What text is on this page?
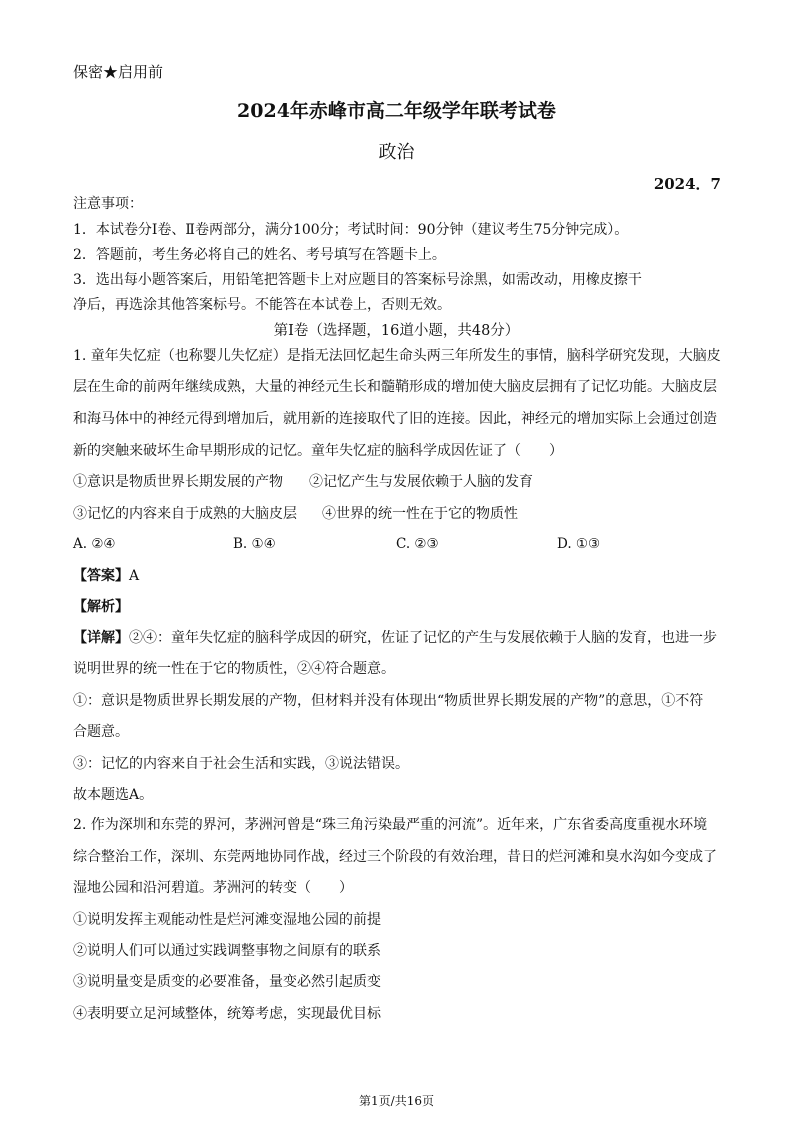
保密★启用前
2024年赤峰市高二年级学年联考试卷
政治
2024．7
注意事项：
1．本试卷分Ⅰ卷、Ⅱ卷两部分，满分100分；考试时间：90分钟（建议考生75分钟完成）。
2．答题前，考生务必将自己的姓名、考号填写在答题卡上。
3．选出每小题答案后，用铅笔把答题卡上对应题目的答案标号涂黑，如需改动，用橡皮擦干
净后，再选涂其他答案标号。不能答在本试卷上，否则无效。
第Ⅰ卷（选择题，16道小题，共48分）
1. 童年失忆症（也称婴儿失忆症）是指无法回忆起生命头两三年所发生的事情，脑科学研究发现，大脑皮
层在生命的前两年继续成熟，大量的神经元生长和髓鞘形成的增加使大脑皮层拥有了记忆功能。大脑皮层
和海马体中的神经元得到增加后，就用新的连接取代了旧的连接。因此，神经元的增加实际上会通过创造
新的突触来破坏生命早期形成的记忆。童年失忆症的脑科学成因佐证了（　　）
①意识是物质世界长期发展的产物 ②记忆产生与发展依赖于人脑的发育
③记忆的内容来自于成熟的大脑皮层 ④世界的统一性在于它的物质性
A. ②④	B. ①④	C. ②③	D. ①③
【答案】A
【解析】
【详解】②④：童年失忆症的脑科学成因的研究，佐证了记忆的产生与发展依赖于人脑的发育，也进一步
说明世界的统一性在于它的物质性，②④符合题意。
①：意识是物质世界长期发展的产物，但材料并没有体现出“物质世界长期发展的产物”的意思，①不符
合题意。
③：记忆的内容来自于社会生活和实践，③说法错误。
故本题选A。
2. 作为深圳和东莞的界河，茅洲河曾是“珠三角污染最严重的河流”。近年来，广东省委高度重视水环境
综合整治工作，深圳、东莞两地协同作战，经过三个阶段的有效治理，昔日的烂河滩和臭水沟如今变成了
湿地公园和沿河碧道。茅洲河的转变（　　）
①说明发挥主观能动性是烂河滩变湿地公园的前提
②说明人们可以通过实践调整事物之间原有的联系
③说明量变是质变的必要准备，量变必然引起质变
④表明要立足河域整体，统筹考虑，实现最优目标
第1页/共16页
